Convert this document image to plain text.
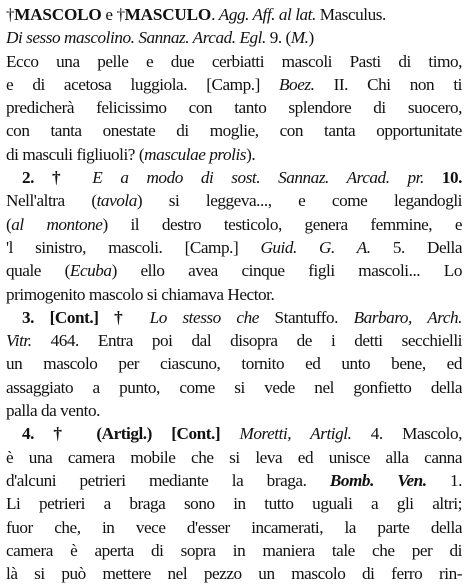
†MASCOLO e †MASCULO. Agg. Aff. al lat. Masculus.
Di sesso mascolino. Sannaz. Arcad. Egl. 9. (M.)
Ecco una pelle e due cerbiatti mascoli Pasti di timo,
e di acetosa luggiola. [Camp.] Boez. II. Chi non ti
predicherà felicissimo con tanto splendore di suocero,
con tanta onestate di moglie, con tanta opportunitate
di masculi figliuoli? (masculae prolis).
2. † E a modo di sost. Sannaz. Arcad. pr. 10.
Nell'altra (tavola) si leggeva..., e come legandogli
(al montone) il destro testicolo, genera femmine, e
'l sinistro, mascoli. [Camp.] Guid. G. A. 5. Della
quale (Ecuba) ello avea cinque figli mascoli... Lo
primogenito mascolo si chiamava Hector.
3. [Cont.] † Lo stesso che Stantuffo. Barbaro, Arch.
Vitr. 464. Entra poi dal disopra de i detti secchielli
un mascolo per ciascuno, tornito ed unto bene, ed
assaggiato a punto, come si vede nel gonfietto della
palla da vento.
4. † (Artigl.) [Cont.] Moretti, Artigl. 4. Mascolo,
è una camera mobile che si leva ed unisce alla canna
d'alcuni petrieri mediante la braga. Bomb. Ven. 1.
Li petrieri a braga sono in tutto uguali a gli altri;
fuor che, in vece d'esser incamerati, la parte della
camera è aperta di sopra in maniera tale che per di
là si può mettere nel pezzo un mascolo di ferro rin-
